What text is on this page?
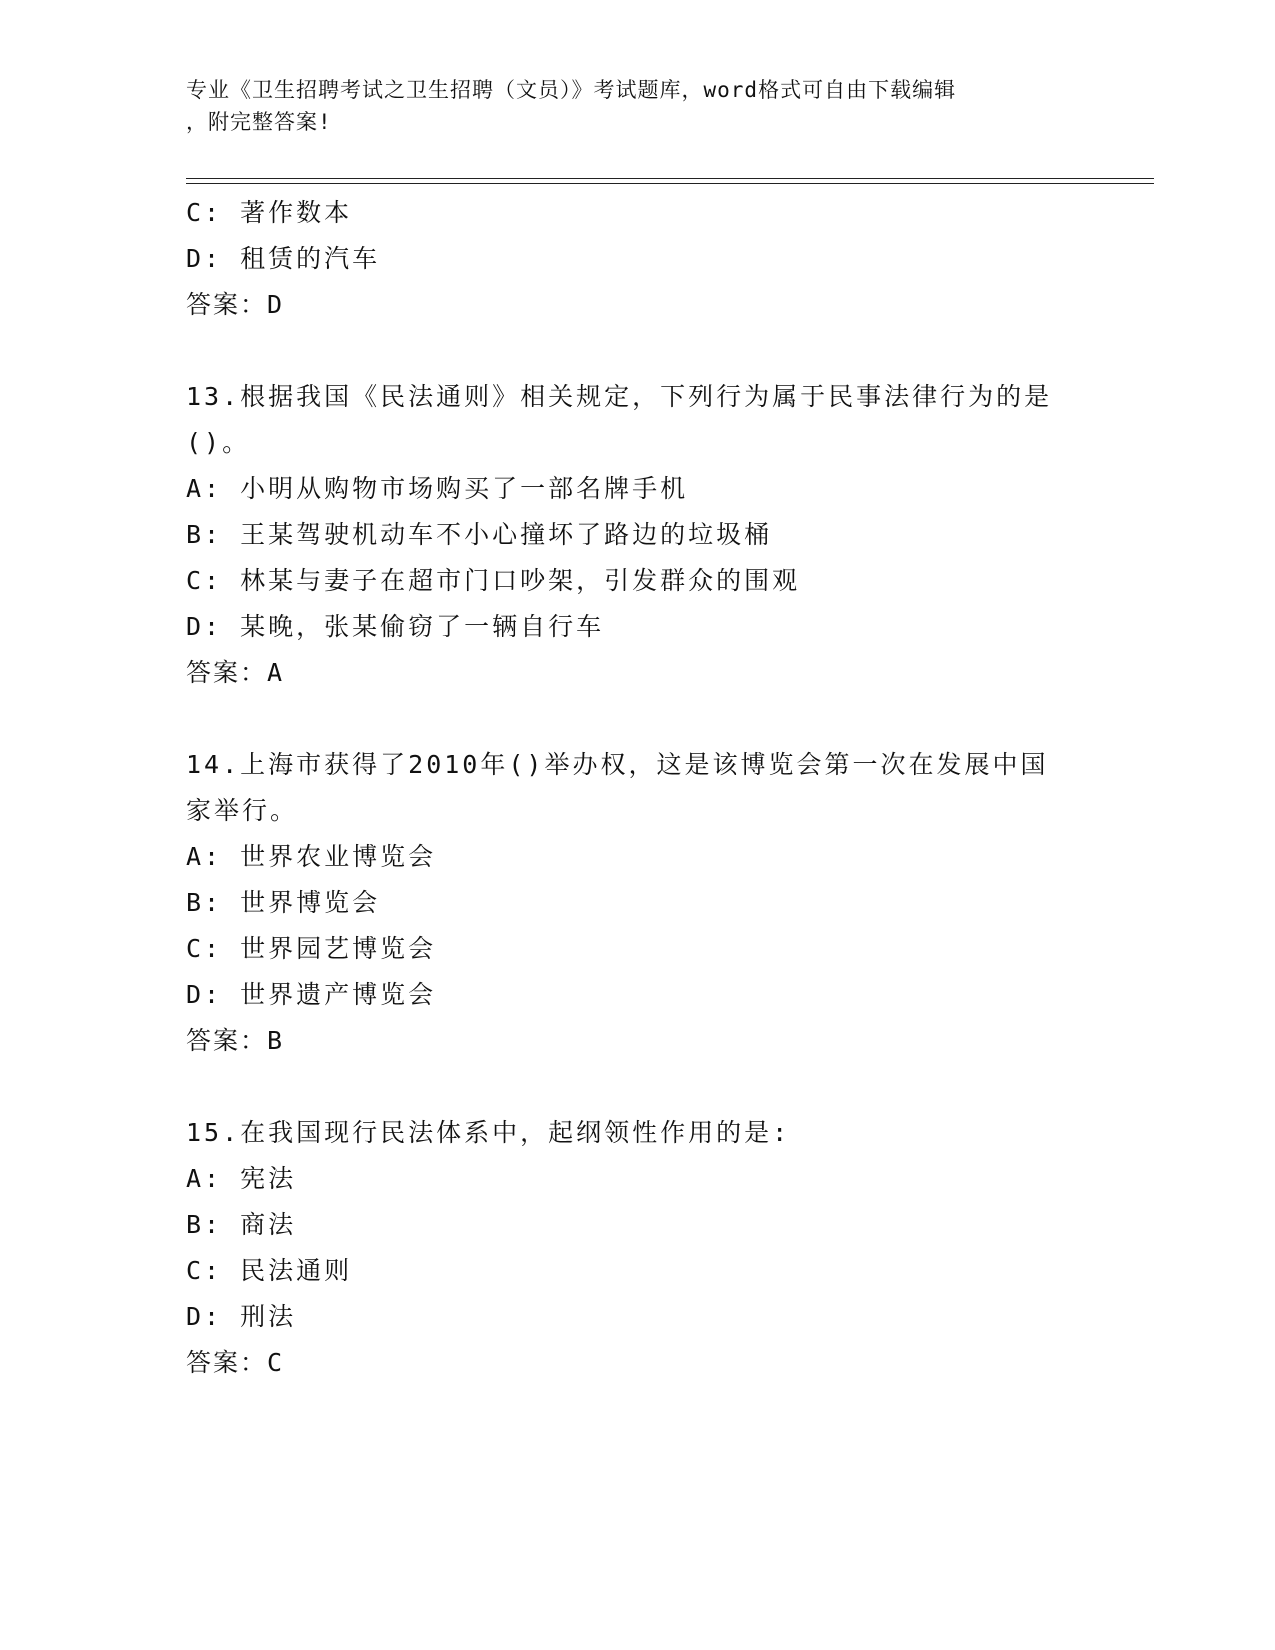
专业《卫生招聘考试之卫生招聘（文员）》考试题库，word格式可自由下载编辑

，附完整答案!

C: 著作数本
D: 租赁的汽车
答案：D
13.根据我国《民法通则》相关规定，下列行为属于民事法律行为的是
()。
A: 小明从购物市场购买了一部名牌手机
B: 王某驾驶机动车不小心撞坏了路边的垃圾桶
C: 林某与妻子在超市门口吵架，引发群众的围观
D: 某晚，张某偷窃了一辆自行车
答案：A
14.上海市获得了2010年()举办权，这是该博览会第一次在发展中国
家举行。
A: 世界农业博览会
B: 世界博览会
C: 世界园艺博览会
D: 世界遗产博览会
答案：B
15.在我国现行民法体系中，起纲领性作用的是:
A: 宪法
B: 商法
C: 民法通则
D: 刑法
答案：C
